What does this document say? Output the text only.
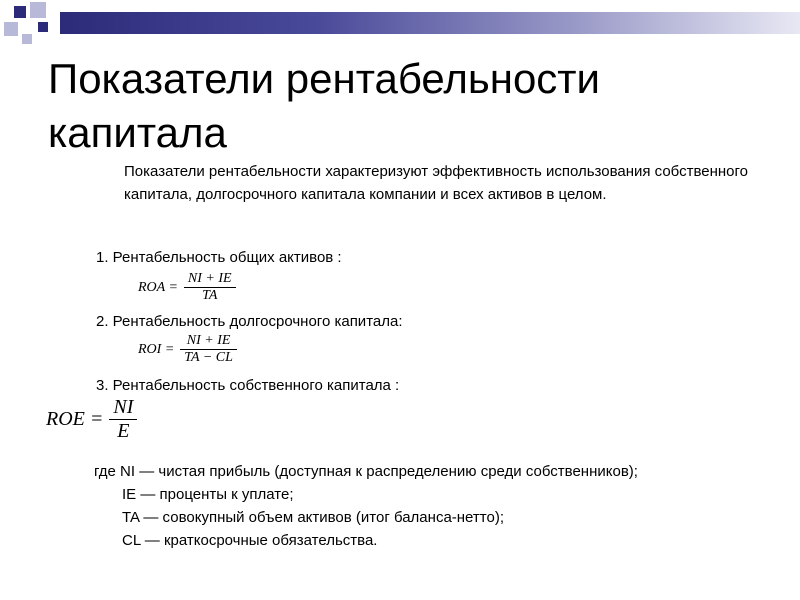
Показатели рентабельности
капитала
Показатели рентабельности характеризуют эффективность использования собственного капитала, долгосрочного капитала компании и всех активов в целом.
1. Рентабельность общих активов :
ROA = $\frac{NI + IE}{TA}$
2. Рентабельность долгосрочного капитала:
ROI = $\frac{NI + IE}{TA - CL}$
3. Рентабельность собственного капитала :
ROE = $\frac{NI}{E}$
где NI — чистая прибыль (доступная к распределению среди собственников);
IE — проценты к уплате;
TA — совокупный объем активов (итог баланса-нетто);
CL — краткосрочные обязательства.
